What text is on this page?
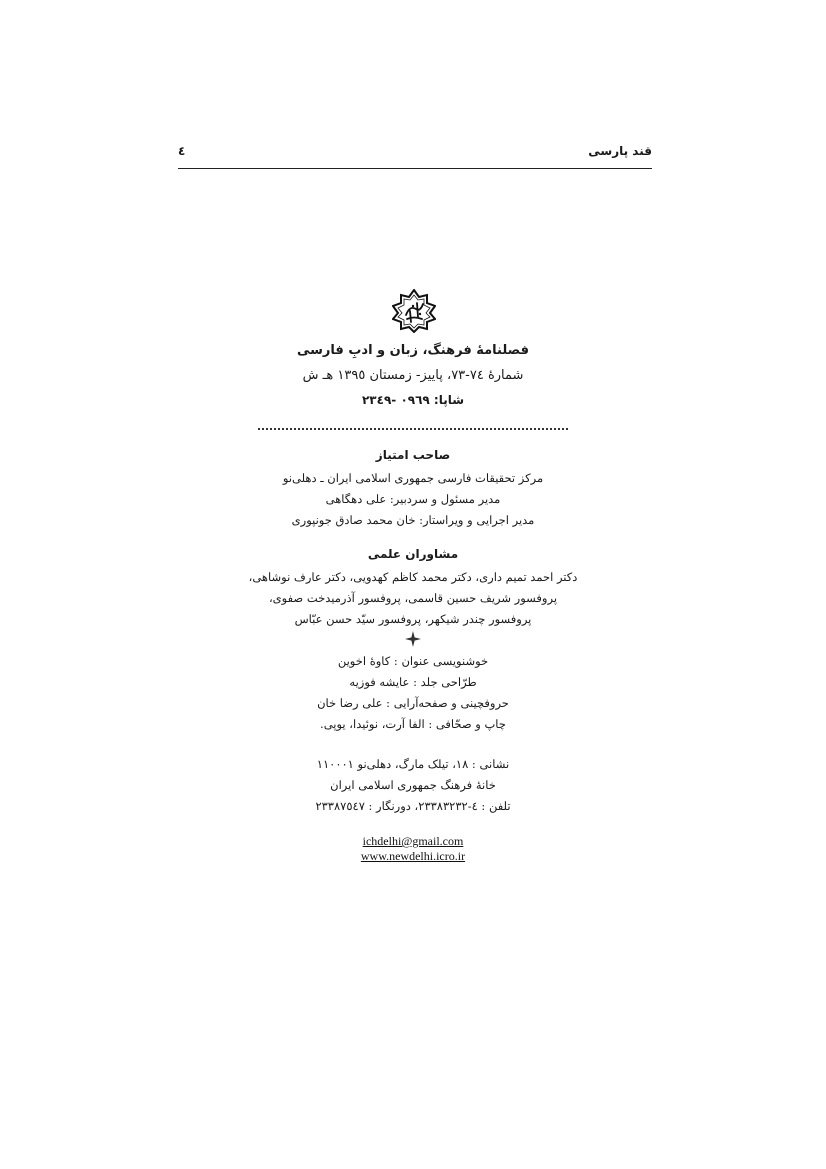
قند پارسی
٤
فصلنامهٔ فرهنگ، زبان و ادبِ فارسی
شمارهٔ ٧٤-٧٣، پاییز- زمستان ١٣٩٥ هـ ش
شاپا: ٠٩٦٩ -٢٣٤٩
صاحب امتیاز
مرکز تحقیقات فارسی جمهوری اسلامی ایران ـ دهلی‌نو
مدیر مسئول و سردبیر: علی دهگاهی
مدیر اجرایی و ویراستار: خان محمد صادق جونپوری
مشاوران علمی
دکتر احمد تمیم داری، دکتر محمد کاظم کهدویی، دکتر عارف نوشاهی،
پروفسور شریف حسین قاسمی، پروفسور آذرمیدخت صفوی،
پروفسور چندر شیکهر، پروفسور سیّد حسن عبّاس
خوشنویسی عنوان : کاوهٔ اخوین
طرّاحی جلد : عایشه فوزیه
حروفچینی و صفحه‌آرایی : علی رضا خان
چاپ و صحّافی : الفا آرت، نوئیدا، یو‌پی.
نشانی : ١٨، تیلک مارگ، دهلی‌نو ١١٠٠٠١
خانهٔ فرهنگ جمهوری اسلامی ایران
تلفن : ٤-٢٣٣٨٣٢٣٢، دورنگار : ٢٣٣٨٧٥٤٧
ichdelhi@gmail.com
www.newdelhi.icro.ir
